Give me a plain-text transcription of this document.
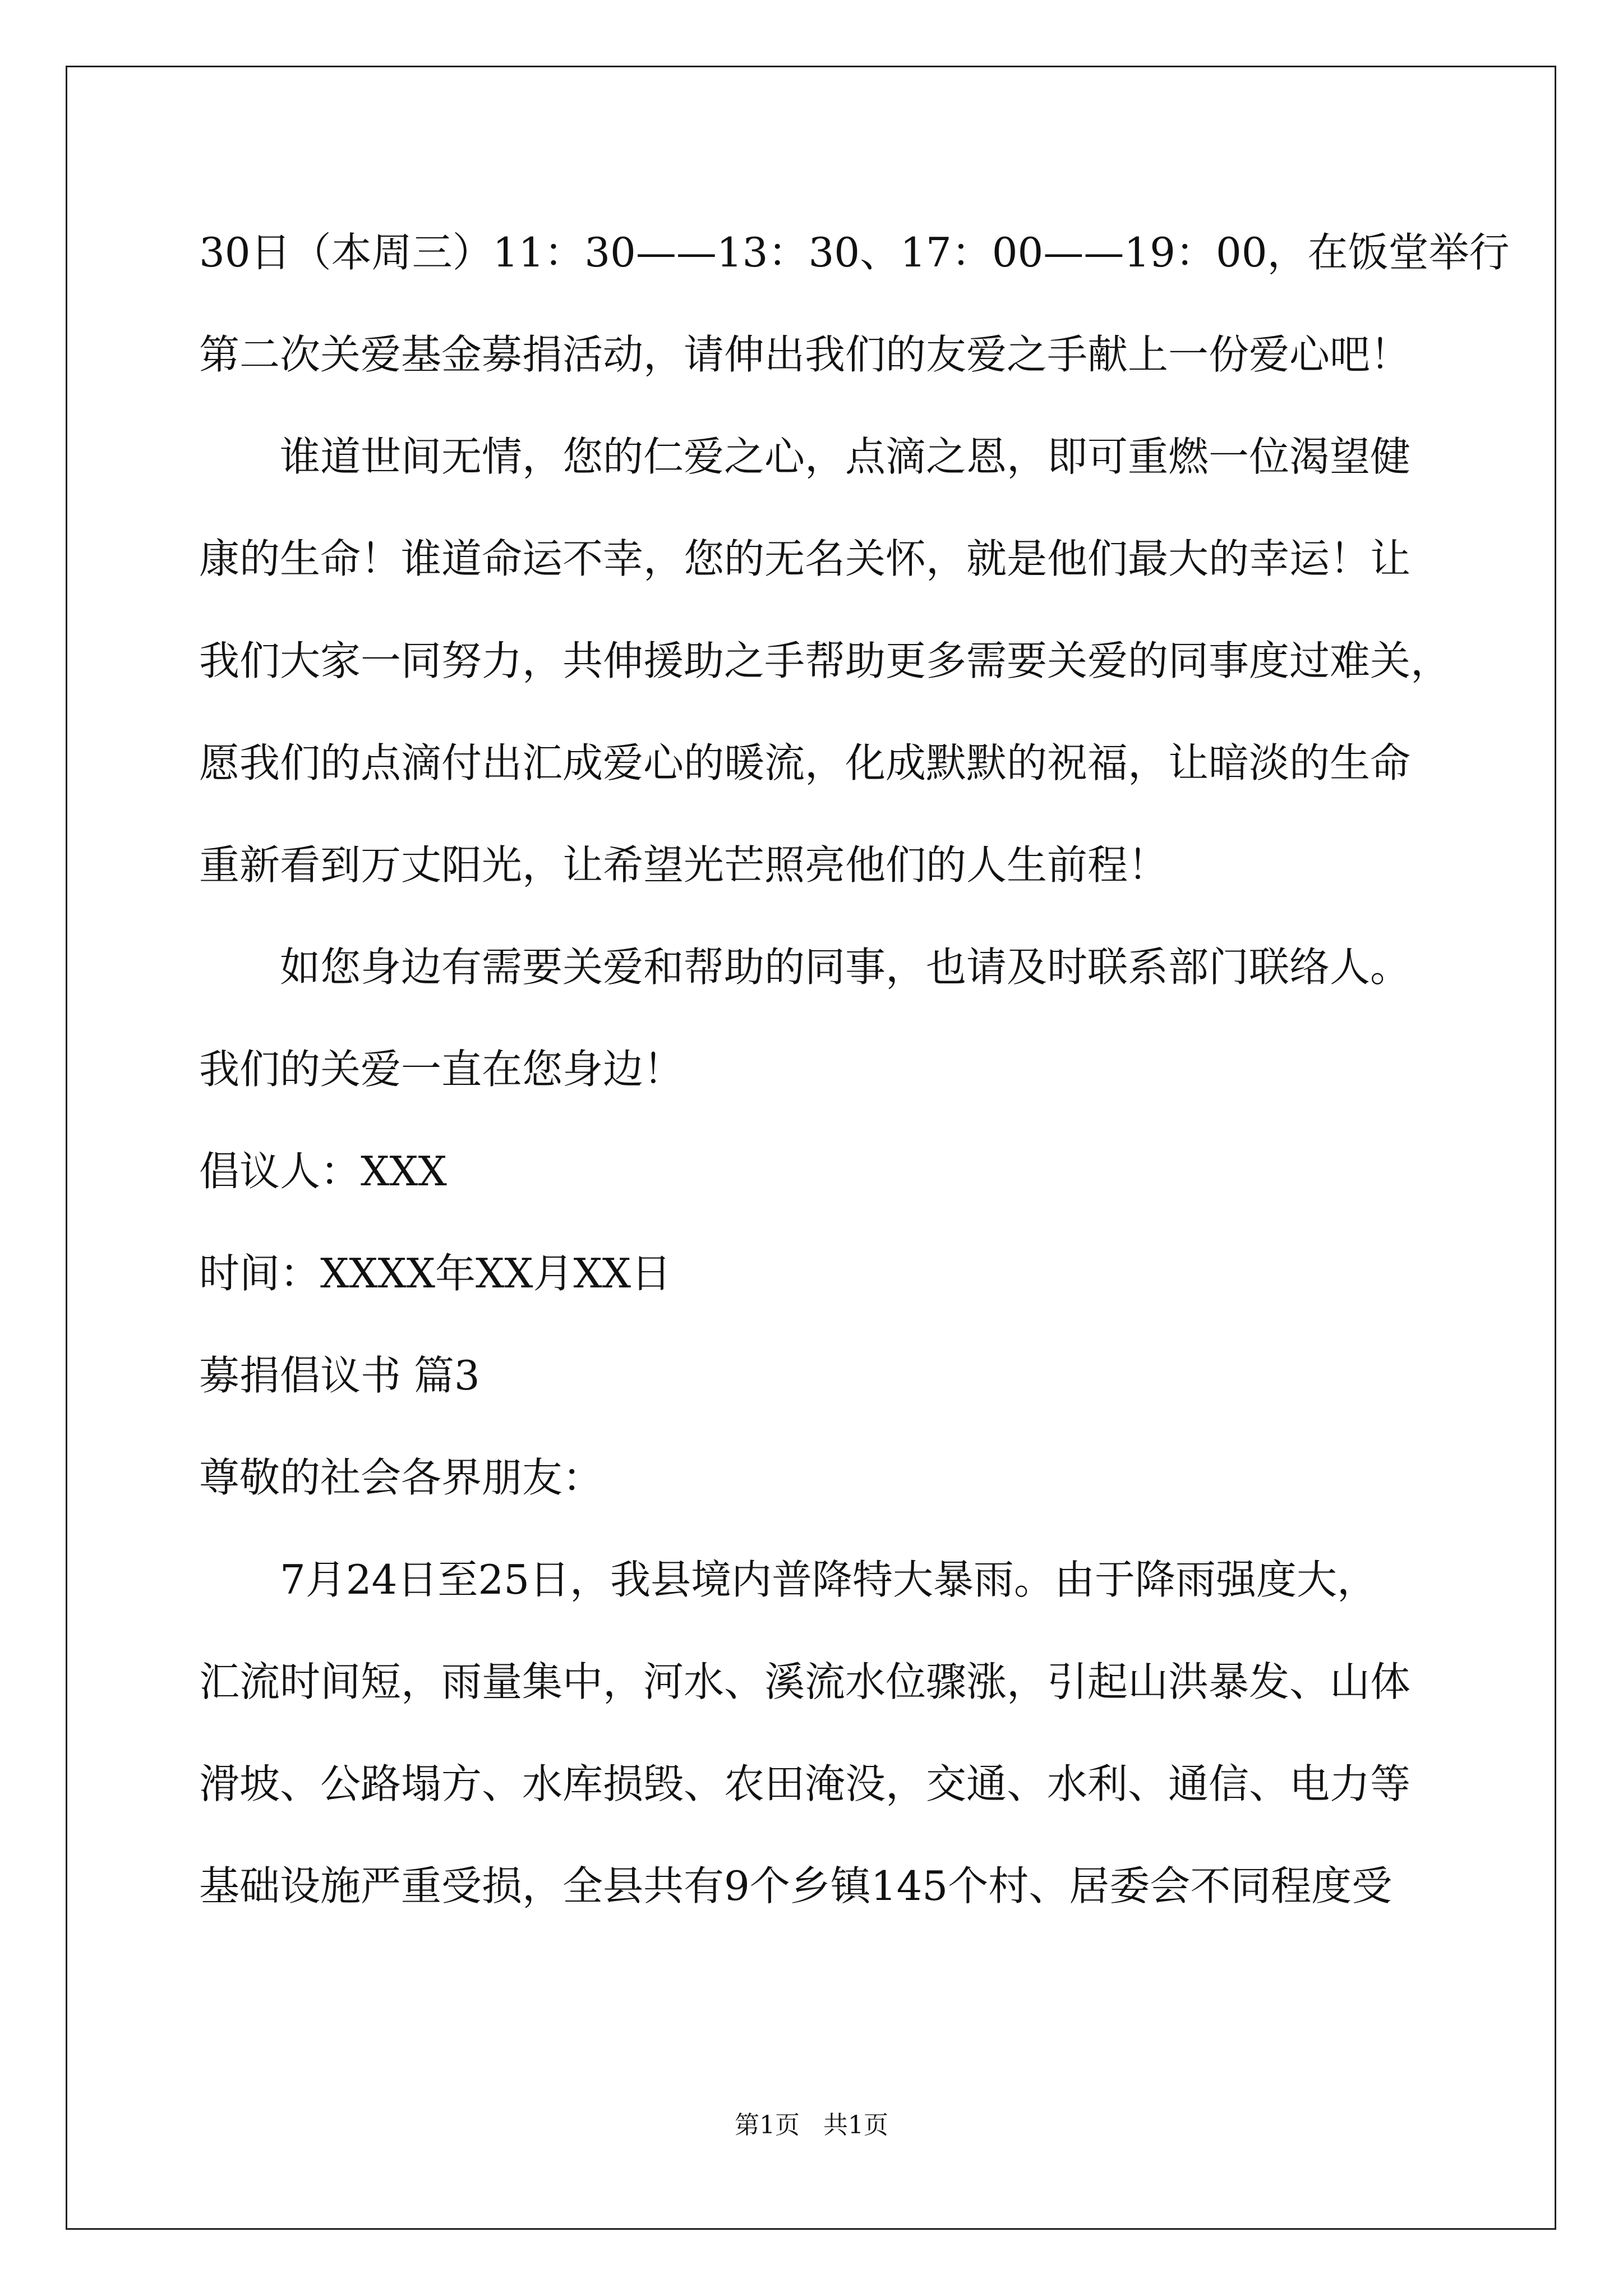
30日（本周三）11：30——13：30、17：00——19：00，在饭堂举行
第二次关爱基金募捐活动，请伸出我们的友爱之手献上一份爱心吧！
谁道世间无情，您的仁爱之心，点滴之恩，即可重燃一位渴望健
康的生命！谁道命运不幸，您的无名关怀，就是他们最大的幸运！让
我们大家一同努力，共伸援助之手帮助更多需要关爱的同事度过难关，
愿我们的点滴付出汇成爱心的暖流，化成默默的祝福，让暗淡的生命
重新看到万丈阳光，让希望光芒照亮他们的人生前程！
如您身边有需要关爱和帮助的同事，也请及时联系部门联络人。
我们的关爱一直在您身边！
倡议人：XXX
时间：XXXX年XX月XX日
募捐倡议书 篇3
尊敬的社会各界朋友：
7月24日至25日，我县境内普降特大暴雨。由于降雨强度大，
汇流时间短，雨量集中，河水、溪流水位骤涨，引起山洪暴发、山体
滑坡、公路塌方、水库损毁、农田淹没，交通、水利、通信、电力等
基础设施严重受损，全县共有9个乡镇145个村、居委会不同程度受
第1页   共1页
